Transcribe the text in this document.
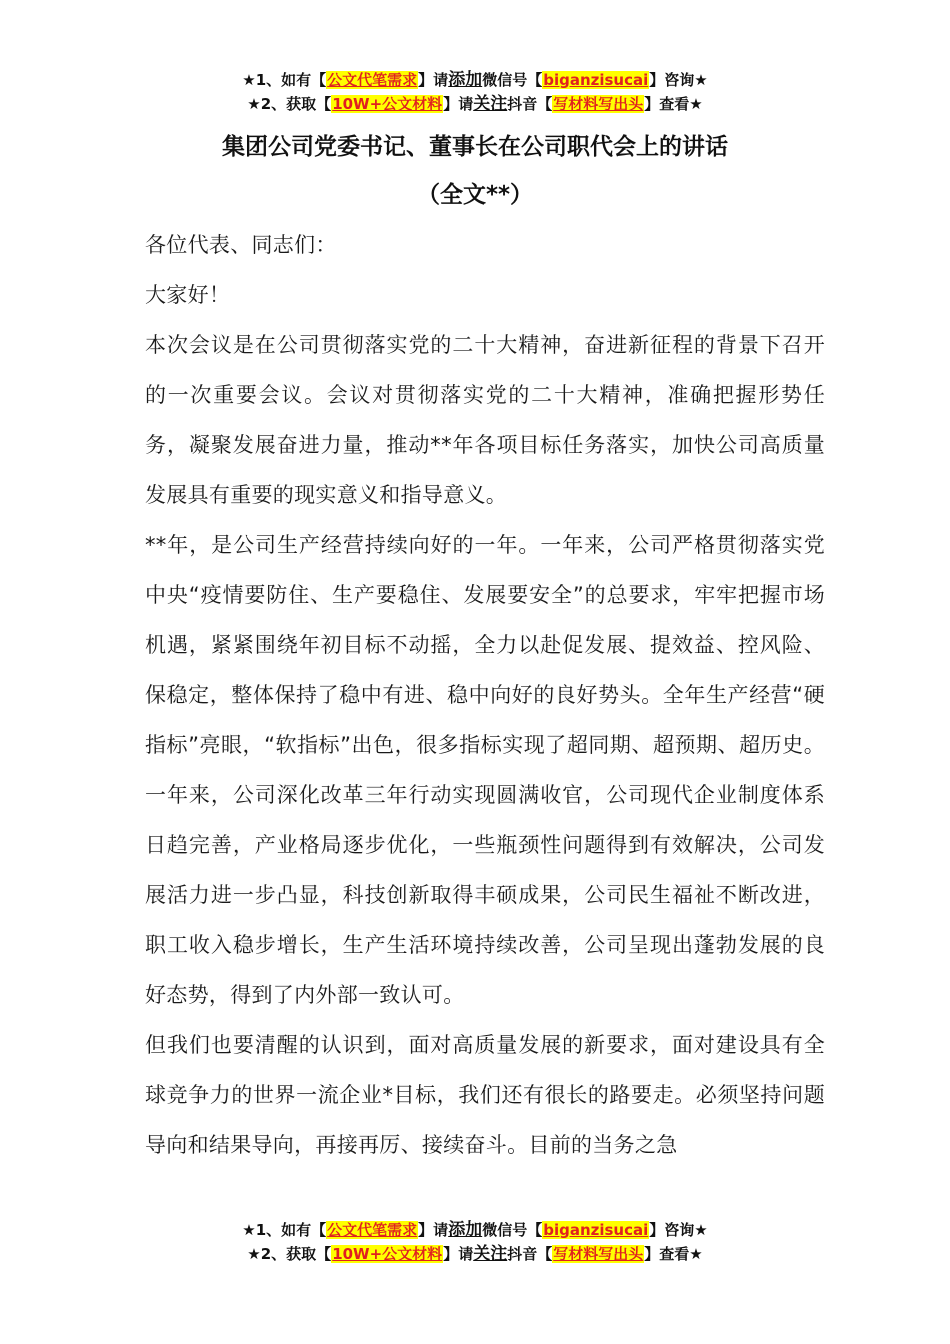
★1、如有【公文代笔需求】请添加微信号【biganzisucai】咨询★
★2、获取【10W+公文材料】请关注抖音【写材料写出头】查看★
集团公司党委书记、董事长在公司职代会上的讲话
（全文**）

各位代表、同志们：

大家好！

本次会议是在公司贯彻落实党的二十大精神，奋进新征程的背景下召开的一次重要会议。会议对贯彻落实党的二十大精神，准确把握形势任务，凝聚发展奋进力量，推动**年各项目标任务落实，加快公司高质量发展具有重要的现实意义和指导意义。

**年，是公司生产经营持续向好的一年。一年来，公司严格贯彻落实党中央“疫情要防住、生产要稳住、发展要安全”的总要求，牢牢把握市场机遇，紧紧围绕年初目标不动摇，全力以赴促发展、提效益、控风险、保稳定，整体保持了稳中有进、稳中向好的良好势头。全年生产经营“硬指标”亮眼，“软指标”出色，很多指标实现了超同期、超预期、超历史。一年来，公司深化改革三年行动实现圆满收官，公司现代企业制度体系日趋完善，产业格局逐步优化，一些瓶颈性问题得到有效解决，公司发展活力进一步凸显，科技创新取得丰硕成果，公司民生福祉不断改进，职工收入稳步增长，生产生活环境持续改善，公司呈现出蓬勃发展的良好态势，得到了内外部一致认可。

但我们也要清醒的认识到，面对高质量发展的新要求，面对建设具有全球竞争力的世界一流企业*目标，我们还有很长的路要走。必须坚持问题导向和结果导向，再接再厉、接续奋斗。目前的当务之急

★1、如有【公文代笔需求】请添加微信号【biganzisucai】咨询★
★2、获取【10W+公文材料】请关注抖音【写材料写出头】查看★
